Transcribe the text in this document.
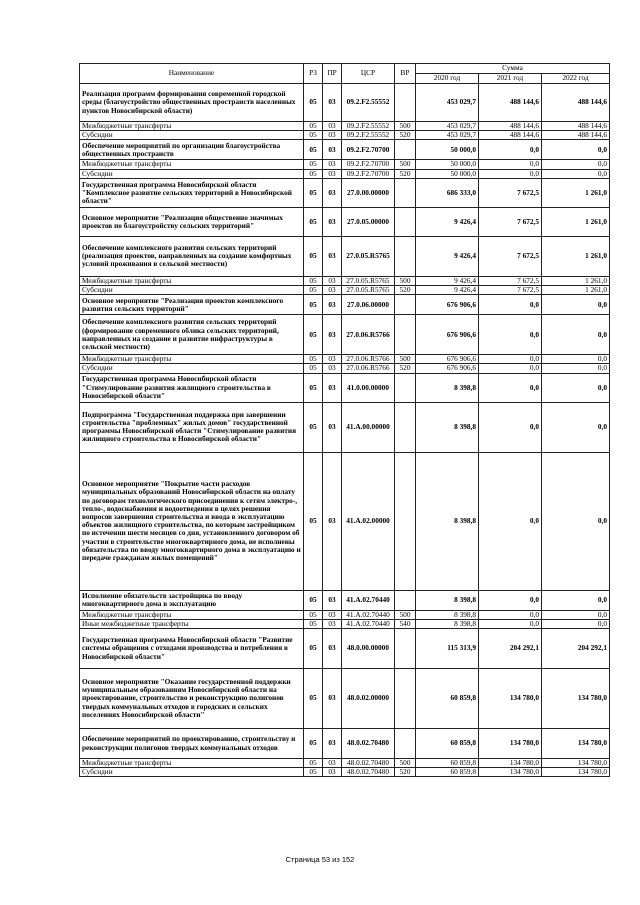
Наименование	РЗ	ПР	ЦСР	ВР	Сумма		
					2020 год	2021 год	2022 год
Реализация программ формирования современной городской среды (благоустройство общественных пространств населенных пунктов Новосибирской области)	05	03	09.2.F2.55552		453 029,7	488 144,6	488 144,6
Межбюджетные трансферты	05	03	09.2.F2.55552	500	453 029,7	488 144,6	488 144,6
Субсидии	05	03	09.2.F2.55552	520	453 029,7	488 144,6	488 144,6
Обеспечение мероприятий по организации благоустройства общественных пространств	05	03	09.2.F2.70700		50 000,0	0,0	0,0
Межбюджетные трансферты	05	03	09.2.F2.70700	500	50 000,0	0,0	0,0
Субсидии	05	03	09.2.F2.70700	520	50 000,0	0,0	0,0
Государственная программа Новосибирской области "Комплексное развитие сельских территорий в Новосибирской области"	05	03	27.0.00.00000		686 333,0	7 672,5	1 261,0
Основное мероприятие "Реализация общественно значимых проектов по благоустройству сельских территорий"	05	03	27.0.05.00000		9 426,4	7 672,5	1 261,0
Обеспечение комплексного развития сельских территорий (реализация проектов, направленных на создание комфортных условий проживания в сельской местности)	05	03	27.0.05.R5765		9 426,4	7 672,5	1 261,0
Межбюджетные трансферты	05	03	27.0.05.R5765	500	9 426,4	7 672,5	1 261,0
Субсидии	05	03	27.0.05.R5765	520	9 426,4	7 672,5	1 261,0
Основное мероприятие "Реализация проектов комплексного развития сельских территорий"	05	03	27.0.06.00000		676 906,6	0,0	0,0
Обеспечение комплексного развития сельских территорий (формирование современного облика сельских территорий, направленных на создание и развитие инфраструктуры в сельской местности)	05	03	27.0.06.R5766		676 906,6	0,0	0,0
Межбюджетные трансферты	05	03	27.0.06.R5766	500	676 906,6	0,0	0,0
Субсидии	05	03	27.0.06.R5766	520	676 906,6	0,0	0,0
Государственная программа Новосибирской области "Стимулирование развития жилищного строительства в Новосибирской области"	05	03	41.0.00.00000		8 398,8	0,0	0,0
Подпрограмма "Государственная поддержка при завершении строительства "проблемных" жилых домов" государственной программы Новосибирской области "Стимулирование развития жилищного строительства в Новосибирской области"	05	03	41.А.00.00000		8 398,8	0,0	0,0
Основное мероприятие "Покрытие части расходов муниципальных образований Новосибирской области на оплату по договорам технологического присоединения к сетям электро-, тепло-, водоснабжения и водоотведения в целях решения вопросов завершения строительства и ввода в эксплуатацию объектов жилищного строительства, по которым застройщиком по истечении шести месяцев со дня, установленного договором об участии в строительстве многоквартирного дома, не исполнены обязательства по вводу многоквартирного дома в эксплуатацию и передаче гражданам жилых помещений"	05	03	41.А.02.00000		8 398,8	0,0	0,0
Исполнение обязательств застройщика по вводу многоквартирного дома в эксплуатацию	05	03	41.А.02.70440		8 398,8	0,0	0,0
Межбюджетные трансферты	05	03	41.А.02.70440	500	8 398,8	0,0	0,0
Иные межбюджетные трансферты	05	03	41.А.02.70440	540	8 398,8	0,0	0,0
Государственная программа Новосибирской области "Развитие системы обращения с отходами производства и потребления в Новосибирской области"	05	03	48.0.00.00000		115 313,9	204 292,1	204 292,1
Основное мероприятие "Оказание государственной поддержки муниципальным образованиям Новосибирской области на проектирование, строительство и реконструкцию полигонов твердых коммунальных отходов в городских и сельских поселениях Новосибирской области"	05	03	48.0.02.00000		60 859,8	134 780,0	134 780,0
Обеспечение мероприятий по проектированию, строительству и реконструкции полигонов твердых коммунальных отходов	05	03	48.0.02.70480		60 859,8	134 780,0	134 780,0
Межбюджетные трансферты	05	03	48.0.02.70480	500	60 859,8	134 780,0	134 780,0
Субсидии	05	03	48.0.02.70480	520	60 859,8	134 780,0	134 780,0
Страница 53 из 152
